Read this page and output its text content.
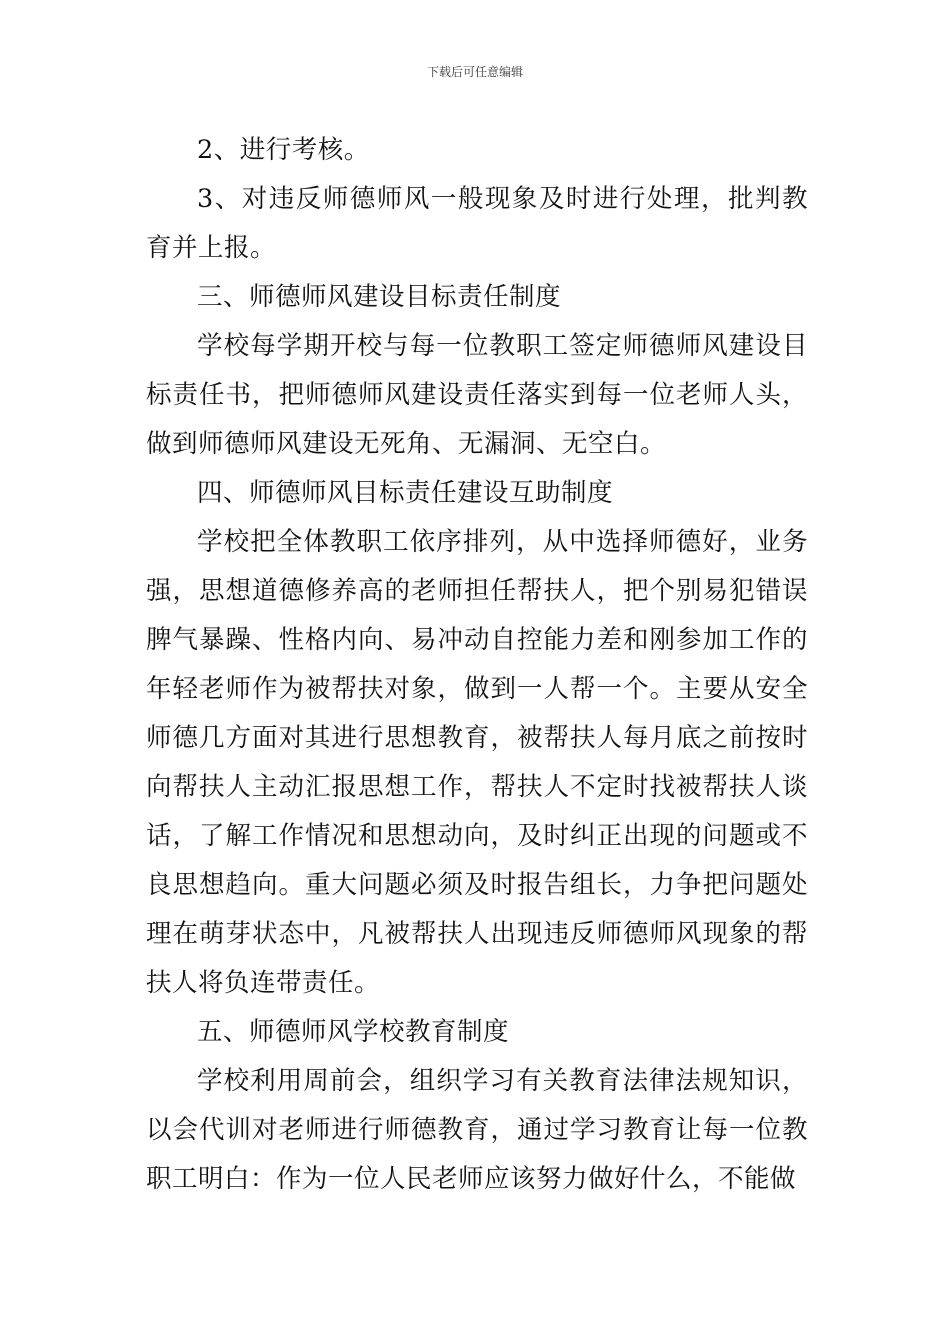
下载后可任意编辑

2、进行考核。

3、对违反师德师风一般现象及时进行处理，批判教育并上报。

三、师德师风建设目标责任制度

学校每学期开校与每一位教职工签定师德师风建设目标责任书，把师德师风建设责任落实到每一位老师人头，做到师德师风建设无死角、无漏洞、无空白。

四、师德师风目标责任建设互助制度

学校把全体教职工依序排列，从中选择师德好，业务强，思想道德修养高的老师担任帮扶人，把个别易犯错误脾气暴躁、性格内向、易冲动自控能力差和刚参加工作的年轻老师作为被帮扶对象，做到一人帮一个。主要从安全师德几方面对其进行思想教育，被帮扶人每月底之前按时向帮扶人主动汇报思想工作，帮扶人不定时找被帮扶人谈话，了解工作情况和思想动向，及时纠正出现的问题或不良思想趋向。重大问题必须及时报告组长，力争把问题处理在萌芽状态中，凡被帮扶人出现违反师德师风现象的帮扶人将负连带责任。

五、师德师风学校教育制度

学校利用周前会，组织学习有关教育法律法规知识，以会代训对老师进行师德教育，通过学习教育让每一位教职工明白：作为一位人民老师应该努力做好什么，不能做
